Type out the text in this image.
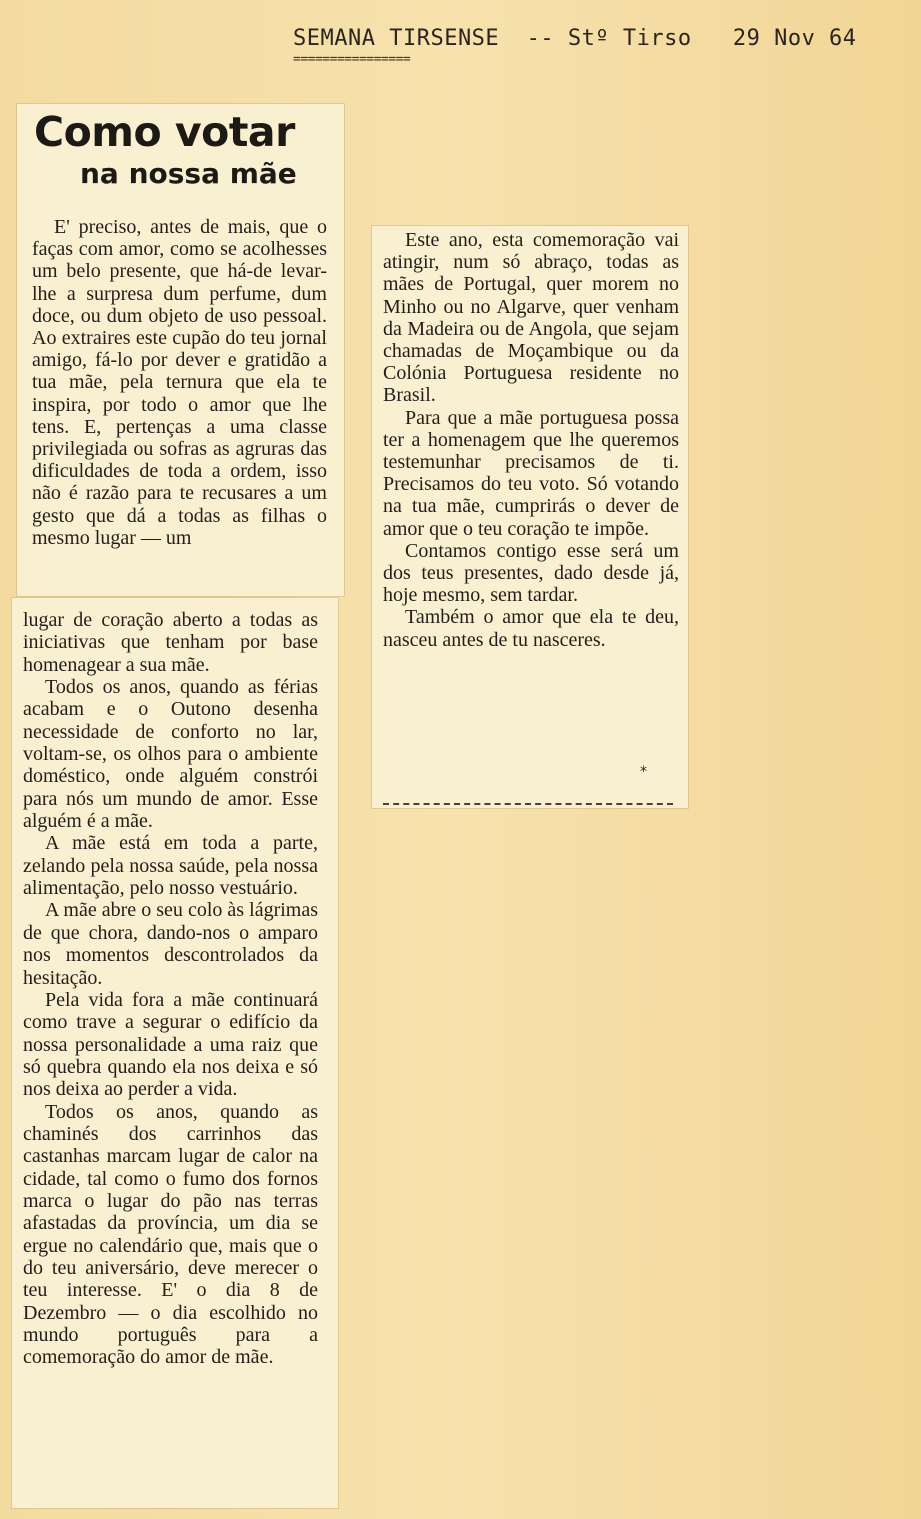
SEMANA TIRSENSE  -- Stº Tirso   29 Nov 64
================
Como votar
na nossa mãe

E' preciso, antes de mais, que o faças com amor, como se acolhesses um belo presente, que há-de levar-lhe a surpresa dum perfume, dum doce, ou dum objeto de uso pessoal. Ao extraires este cupão do teu jornal amigo, fá-lo por dever e gratidão a tua mãe, pela ternura que ela te inspira, por todo o amor que lhe tens. E, pertenças a uma classe privilegiada ou sofras as agruras das dificuldades de toda a ordem, isso não é razão para te recusares a um gesto que dá a todas as filhas o mesmo lugar — um

lugar de coração aberto a todas as iniciativas que tenham por base homenagear a sua mãe.

Todos os anos, quando as férias acabam e o Outono desenha necessidade de conforto no lar, voltam-se, os olhos para o ambiente doméstico, onde alguém constrói para nós um mundo de amor. Esse alguém é a mãe.

A mãe está em toda a parte, zelando pela nossa saúde, pela nossa alimentação, pelo nosso vestuário.

A mãe abre o seu colo às lágrimas de que chora, dando-nos o amparo nos momentos descontrolados da hesitação.

Pela vida fora a mãe continuará como trave a segurar o edifício da nossa personalidade a uma raiz que só quebra quando ela nos deixa e só nos deixa ao perder a vida.

Todos os anos, quando as chaminés dos carrinhos das castanhas marcam lugar de calor na cidade, tal como o fumo dos fornos marca o lugar do pão nas terras afastadas da província, um dia se ergue no calendário que, mais que o do teu aniversário, deve merecer o teu interesse. E' o dia 8 de Dezembro — o dia escolhido no mundo português para a comemoração do amor de mãe.

Este ano, esta comemoração vai atingir, num só abraço, todas as mães de Portugal, quer morem no Minho ou no Algarve, quer venham da Madeira ou de Angola, que sejam chamadas de Moçambique ou da Colónia Portuguesa residente no Brasil.

Para que a mãe portuguesa possa ter a homenagem que lhe queremos testemunhar precisamos de ti. Precisamos do teu voto. Só votando na tua mãe, cumprirás o dever de amor que o teu coração te impõe.

Contamos contigo esse será um dos teus presentes, dado desde já, hoje mesmo, sem tardar.

Também o amor que ela te deu, nasceu antes de tu nasceres.

*
